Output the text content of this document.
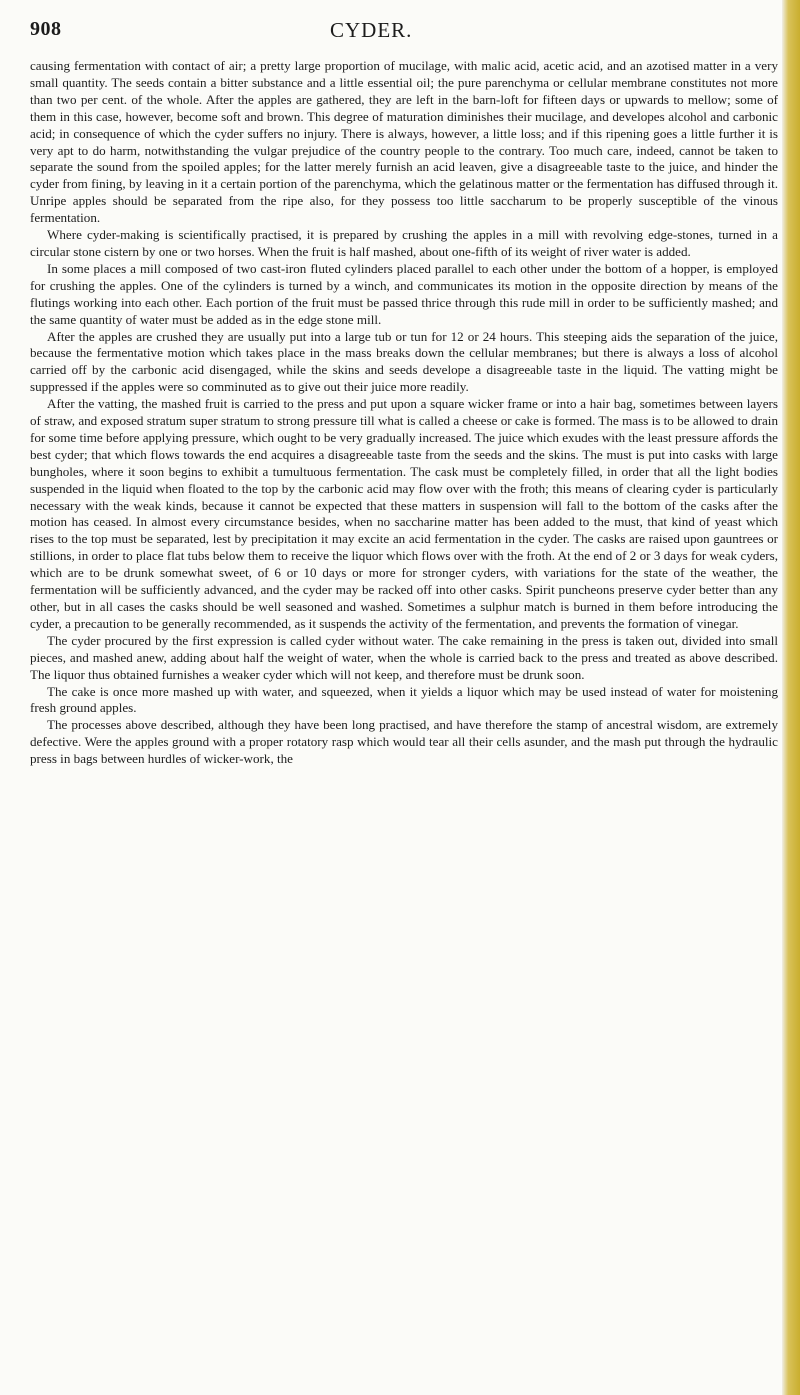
908	CYDER.

causing fermentation with contact of air; a pretty large proportion of mucilage, with malic acid, acetic acid, and an azotised matter in a very small quantity. The seeds contain a bitter substance and a little essential oil; the pure parenchyma or cellular membrane constitutes not more than two per cent. of the whole. After the apples are gathered, they are left in the barn-loft for fifteen days or upwards to mellow; some of them in this case, however, become soft and brown. This degree of maturation diminishes their mucilage, and developes alcohol and carbonic acid; in consequence of which the cyder suffers no injury. There is always, however, a little loss; and if this ripening goes a little further it is very apt to do harm, notwithstanding the vulgar prejudice of the country people to the contrary. Too much care, indeed, cannot be taken to separate the sound from the spoiled apples; for the latter merely furnish an acid leaven, give a disagreeable taste to the juice, and hinder the cyder from fining, by leaving in it a certain portion of the parenchyma, which the gelatinous matter or the fermentation has diffused through it. Unripe apples should be separated from the ripe also, for they possess too little saccharum to be properly susceptible of the vinous fermentation.

Where cyder-making is scientifically practised, it is prepared by crushing the apples in a mill with revolving edge-stones, turned in a circular stone cistern by one or two horses. When the fruit is half mashed, about one-fifth of its weight of river water is added.

In some places a mill composed of two cast-iron fluted cylinders placed parallel to each other under the bottom of a hopper, is employed for crushing the apples. One of the cylinders is turned by a winch, and communicates its motion in the opposite direction by means of the flutings working into each other. Each portion of the fruit must be passed thrice through this rude mill in order to be sufficiently mashed; and the same quantity of water must be added as in the edge stone mill.

After the apples are crushed they are usually put into a large tub or tun for 12 or 24 hours. This steeping aids the separation of the juice, because the fermentative motion which takes place in the mass breaks down the cellular membranes; but there is always a loss of alcohol carried off by the carbonic acid disengaged, while the skins and seeds develope a disagreeable taste in the liquid. The vatting might be suppressed if the apples were so comminuted as to give out their juice more readily.

After the vatting, the mashed fruit is carried to the press and put upon a square wicker frame or into a hair bag, sometimes between layers of straw, and exposed stratum super stratum to strong pressure till what is called a cheese or cake is formed. The mass is to be allowed to drain for some time before applying pressure, which ought to be very gradually increased. The juice which exudes with the least pressure affords the best cyder; that which flows towards the end acquires a disagreeable taste from the seeds and the skins. The must is put into casks with large bungholes, where it soon begins to exhibit a tumultuous fermentation. The cask must be completely filled, in order that all the light bodies suspended in the liquid when floated to the top by the carbonic acid may flow over with the froth; this means of clearing cyder is particularly necessary with the weak kinds, because it cannot be expected that these matters in suspension will fall to the bottom of the casks after the motion has ceased. In almost every circumstance besides, when no saccharine matter has been added to the must, that kind of yeast which rises to the top must be separated, lest by precipitation it may excite an acid fermentation in the cyder. The casks are raised upon gauntrees or stillions, in order to place flat tubs below them to receive the liquor which flows over with the froth. At the end of 2 or 3 days for weak cyders, which are to be drunk somewhat sweet, of 6 or 10 days or more for stronger cyders, with variations for the state of the weather, the fermentation will be sufficiently advanced, and the cyder may be racked off into other casks. Spirit puncheons preserve cyder better than any other, but in all cases the casks should be well seasoned and washed. Sometimes a sulphur match is burned in them before introducing the cyder, a precaution to be generally recommended, as it suspends the activity of the fermentation, and prevents the formation of vinegar.

The cyder procured by the first expression is called cyder without water. The cake remaining in the press is taken out, divided into small pieces, and mashed anew, adding about half the weight of water, when the whole is carried back to the press and treated as above described. The liquor thus obtained furnishes a weaker cyder which will not keep, and therefore must be drunk soon.

The cake is once more mashed up with water, and squeezed, when it yields a liquor which may be used instead of water for moistening fresh ground apples.

The processes above described, although they have been long practised, and have therefore the stamp of ancestral wisdom, are extremely defective. Were the apples ground with a proper rotatory rasp which would tear all their cells asunder, and the mash put through the hydraulic press in bags between hurdles of wicker-work, the
